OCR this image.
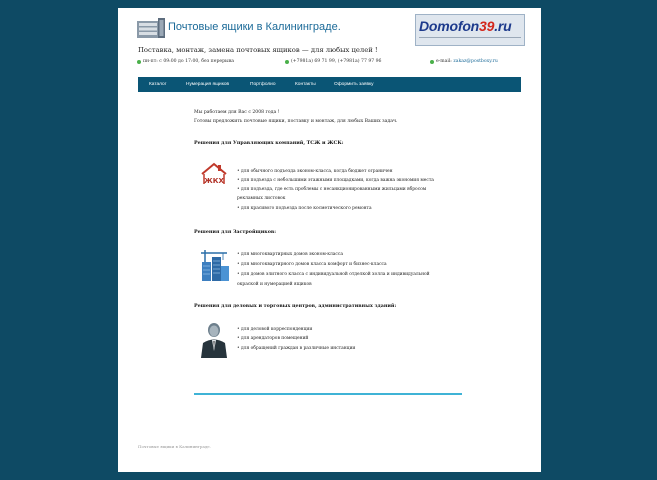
Почтовые ящики в Калининграде.	Domofon39.ru
Поставка, монтаж, замена почтовых ящиков — для любых целей !
пн-пт: с 09:00 до 17:00, без перерыва	(+7981а) 69 71 99, (+7981а) 77 97 96	e-mail:
zakaz@postboxy.ru
Каталог	Нумерация ящиков	Портфолио	Контакты	Оформить заявку
Мы работаем для Вас с 2008 года !
Готовы предложить почтовые ящики, поставку и монтаж, для любых Ваших задач.
Решения для Управляющих компаний, ТСЖ и ЖСК:
ЖКХ
• для обычного подъезда эконом-класса, когда бюджет ограничен
• для подъезда с небольшими этажными площадками, когда важна экономия места
• для подъезда, где есть проблемы с несанкционированными жильцами вбросом
рекламных листовок
• для красивого подъезда после косметического ремонта
Решения для Застройщиков:
• для многоквартирных домов эконом-класса
• для многоквартирного домов класса комфорт и бизнес-класса
• для домов элитного класса с индивидуальной отделкой холла и индивидуальной
окраской и нумерацией ящиков
Решения для деловых и торговых центров, административных зданий:
• для деловой корреспонденции
• для арендаторов помещений
• для обращений граждан в различные инстанции
Почтовые ящики в Калининграде.
